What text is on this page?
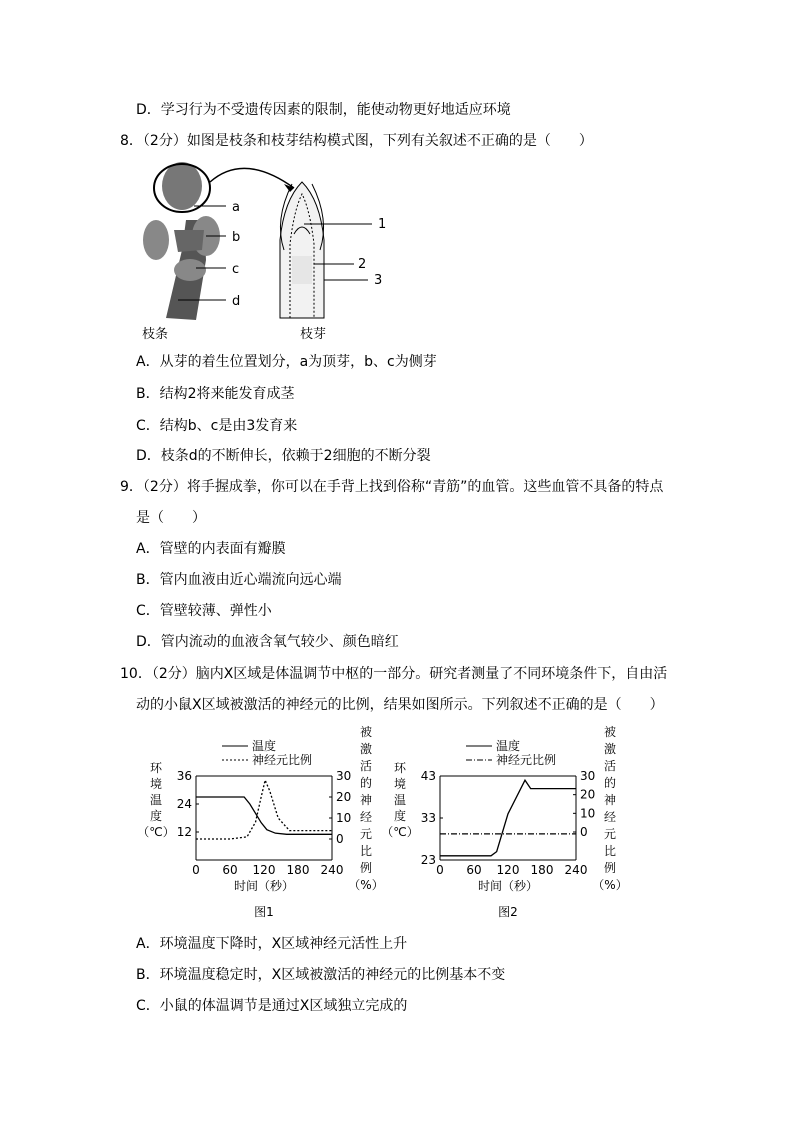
D．学习行为不受遗传因素的限制，能使动物更好地适应环境
8．（2分）如图是枝条和枝芽结构模式图，下列有关叙述不正确的是（　　）
a
b
c
d
1
2
3
枝条	枝芽
A．从芽的着生位置划分，a为顶芽，b、c为侧芽
B．结构2将来能发育成茎
C．结构b、c是由3发育来
D．枝条d的不断伸长，依赖于2细胞的不断分裂
9．（2分）将手握成拳，你可以在手背上找到俗称“青筋”的血管。这些血管不具备的特点
是（　　）
A．管壁的内表面有瓣膜
B．管内血液由近心端流向远心端
C．管壁较薄、弹性小
D．管内流动的血液含氧气较少、颜色暗红
10．（2分）脑内X区域是体温调节中枢的一部分。研究者测量了不同环境条件下，自由活
动的小鼠X区域被激活的神经元的比例，结果如图所示。下列叙述不正确的是（　　）
0 60 120 180 240
12
24
36
0
10
20
30
环
境
温
度
（℃）
被
激
活
的
神
经
元
比
例
（%）
时间（秒）
图1
温度
神经元比例
0 60 120 180 240
23
33
43
0
10
20
30
环
境
温
度
（℃）
被
激
活
的
神
经
元
比
例
（%）
时间（秒）
图2
温度
神经元比例
A．环境温度下降时，X区域神经元活性上升
B．环境温度稳定时，X区域被激活的神经元的比例基本不变
C．小鼠的体温调节是通过X区域独立完成的
